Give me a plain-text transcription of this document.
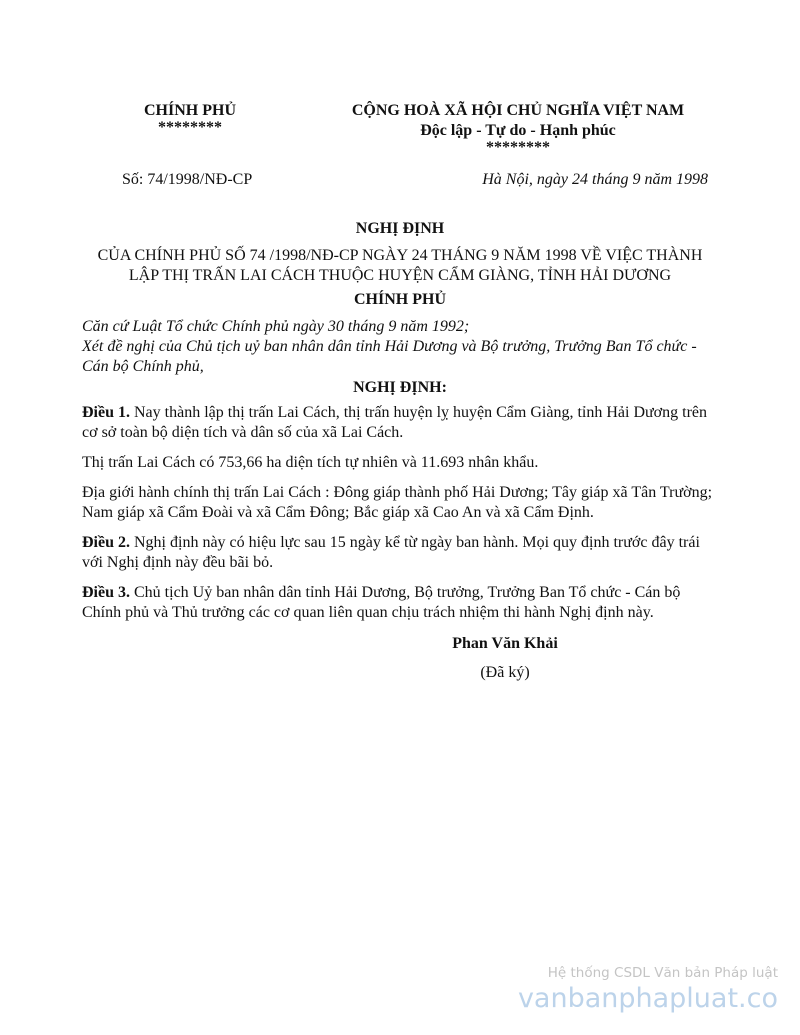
CHÍNH PHỦ
********
CỘNG HOÀ XÃ HỘI CHỦ NGHĨA VIỆT NAM
Độc lập - Tự do - Hạnh phúc
********
Số: 74/1998/NĐ-CP	Hà Nội, ngày 24 tháng 9 năm 1998
NGHỊ ĐỊNH
CỦA CHÍNH PHỦ SỐ 74 /1998/NĐ-CP NGÀY 24 THÁNG 9 NĂM 1998 VỀ VIỆC THÀNH
LẬP THỊ TRẤN LAI CÁCH THUỘC HUYỆN CẨM GIÀNG, TỈNH HẢI DƯƠNG
CHÍNH PHỦ
Căn cứ Luật Tổ chức Chính phủ ngày 30 tháng 9 năm 1992;
Xét đề nghị của Chủ tịch uỷ ban nhân dân tỉnh Hải Dương và Bộ trưởng, Trưởng Ban Tổ chức -
Cán bộ Chính phủ,
NGHỊ ĐỊNH:

Điều 1. Nay thành lập thị trấn Lai Cách, thị trấn huyện lỵ huyện Cẩm Giàng, tỉnh Hải Dương trên cơ sở toàn bộ diện tích và dân số của xã Lai Cách.

Thị trấn Lai Cách có 753,66 ha diện tích tự nhiên và 11.693 nhân khẩu.

Địa giới hành chính thị trấn Lai Cách : Đông giáp thành phố Hải Dương; Tây giáp xã Tân Trường; Nam giáp xã Cẩm Đoài và xã Cẩm Đông; Bắc giáp xã Cao An và xã Cẩm Định.

Điều 2. Nghị định này có hiệu lực sau 15 ngày kể từ ngày ban hành. Mọi quy định trước đây trái với Nghị định này đều bãi bỏ.

Điều 3. Chủ tịch Uỷ ban nhân dân tỉnh Hải Dương, Bộ trưởng, Trưởng Ban Tổ chức - Cán bộ Chính phủ và Thủ trưởng các cơ quan liên quan chịu trách nhiệm thi hành Nghị định này.

Phan Văn Khải
(Đã ký)
Hệ thống CSDL Văn bản Pháp luật
vanbanphapluat.co
